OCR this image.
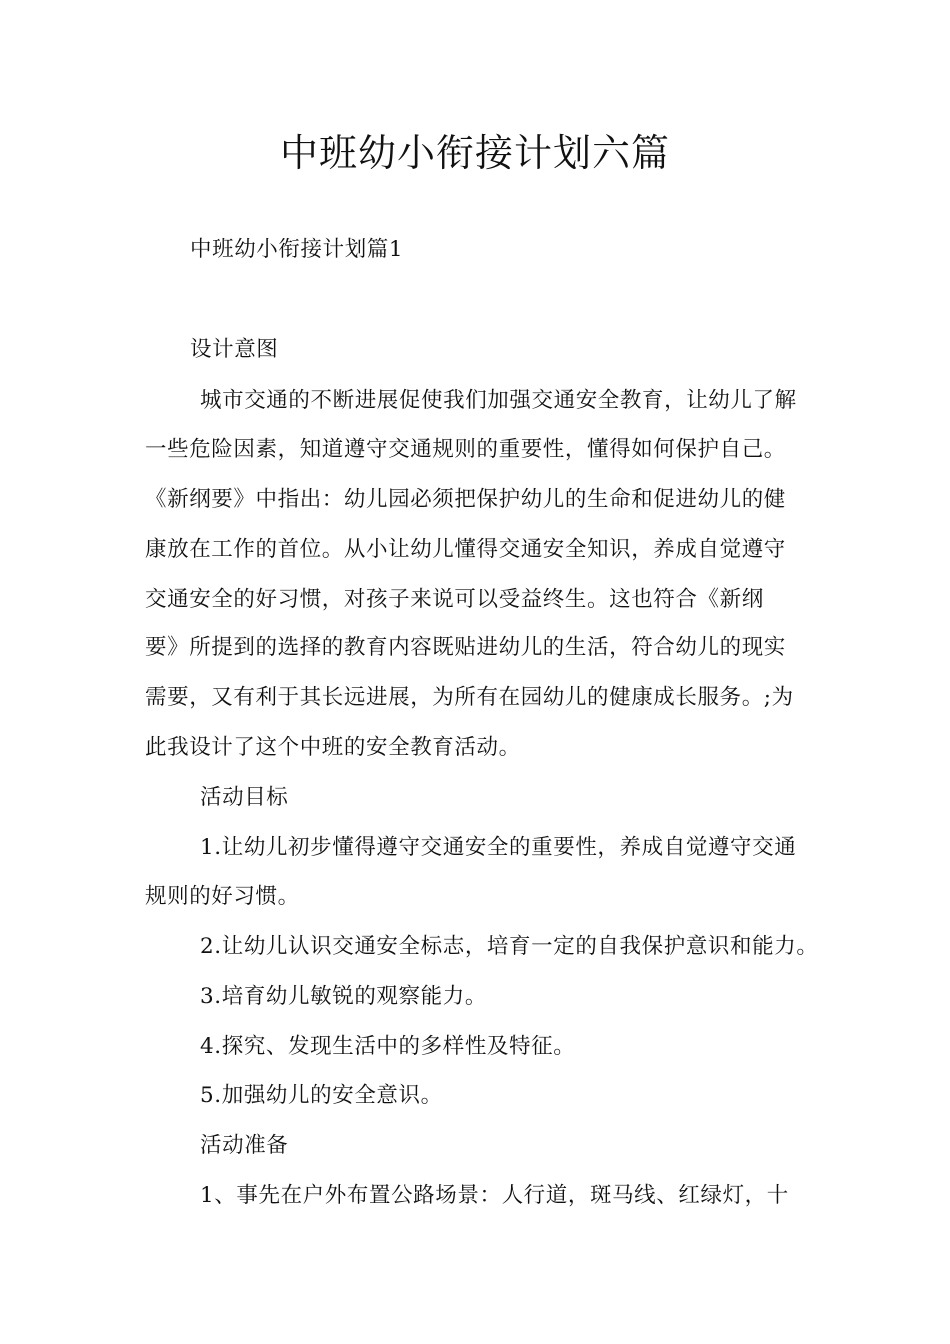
中班幼小衔接计划六篇
中班幼小衔接计划篇1
设计意图
城市交通的不断进展促使我们加强交通安全教育，让幼儿了解
一些危险因素，知道遵守交通规则的重要性，懂得如何保护自己。
《新纲要》中指出：幼儿园必须把保护幼儿的生命和促进幼儿的健
康放在工作的首位。从小让幼儿懂得交通安全知识，养成自觉遵守
交通安全的好习惯，对孩子来说可以受益终生。这也符合《新纲
要》所提到的选择的教育内容既贴进幼儿的生活，符合幼儿的现实
需要，又有利于其长远进展，为所有在园幼儿的健康成长服务。;为
此我设计了这个中班的安全教育活动。
活动目标
1.让幼儿初步懂得遵守交通安全的重要性，养成自觉遵守交通
规则的好习惯。
2.让幼儿认识交通安全标志，培育一定的自我保护意识和能力。
3.培育幼儿敏锐的观察能力。
4.探究、发现生活中的多样性及特征。
5.加强幼儿的安全意识。
活动准备
1、事先在户外布置公路场景：人行道，斑马线、红绿灯，十
